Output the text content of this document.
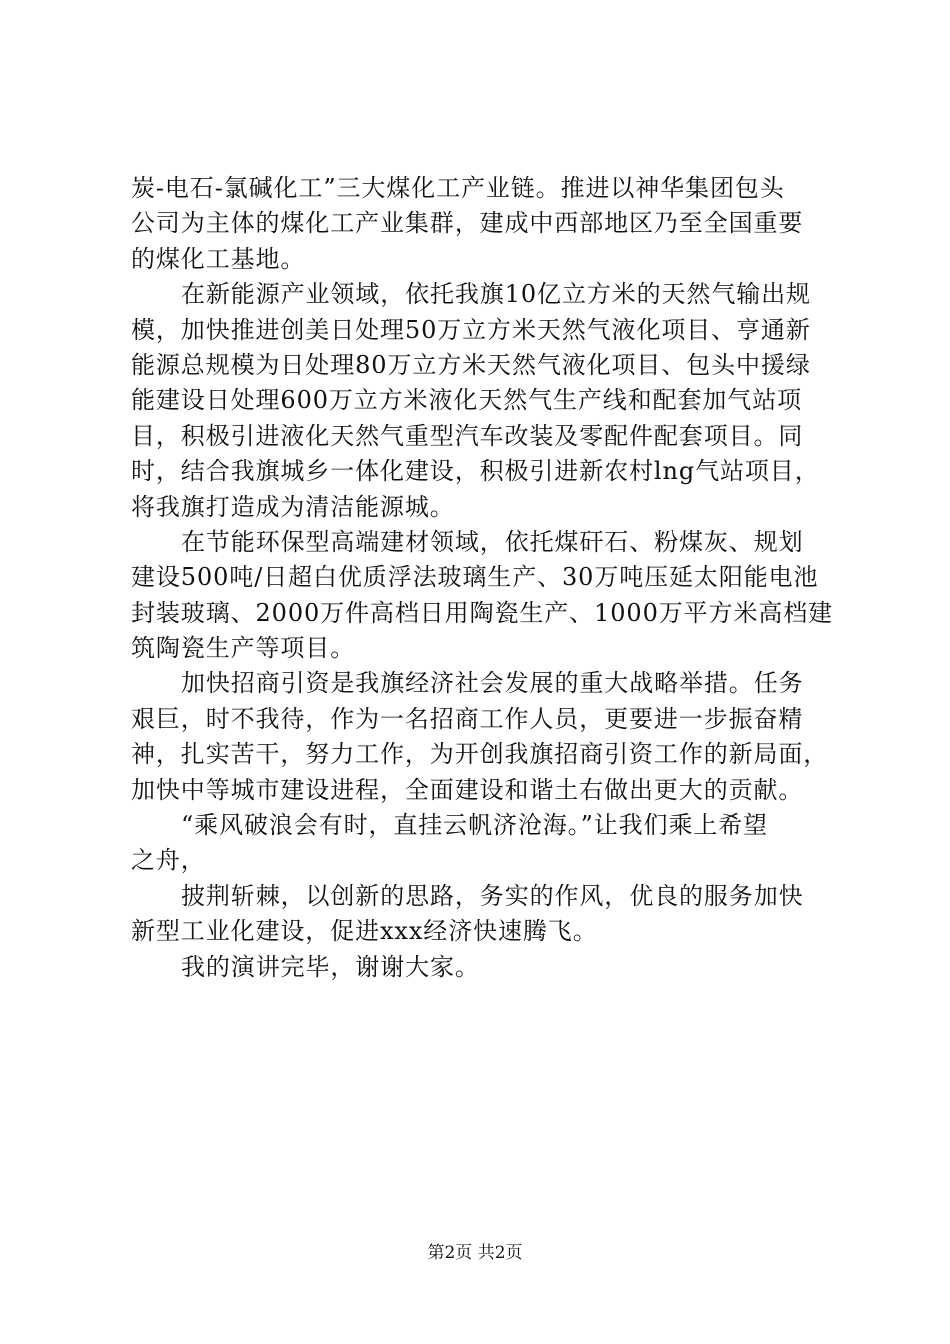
炭-电石-氯碱化工”三大煤化工产业链。推进以神华集团包头
公司为主体的煤化工产业集群，建成中西部地区乃至全国重要
的煤化工基地。
在新能源产业领域，依托我旗10亿立方米的天然气输出规
模，加快推进创美日处理50万立方米天然气液化项目、亨通新
能源总规模为日处理80万立方米天然气液化项目、包头中援绿
能建设日处理600万立方米液化天然气生产线和配套加气站项
目，积极引进液化天然气重型汽车改装及零配件配套项目。同
时，结合我旗城乡一体化建设，积极引进新农村lng气站项目，
将我旗打造成为清洁能源城。
在节能环保型高端建材领域，依托煤矸石、粉煤灰、规划
建设500吨/日超白优质浮法玻璃生产、30万吨压延太阳能电池
封装玻璃、2000万件高档日用陶瓷生产、1000万平方米高档建
筑陶瓷生产等项目。
加快招商引资是我旗经济社会发展的重大战略举措。任务
艰巨，时不我待，作为一名招商工作人员，更要进一步振奋精
神，扎实苦干，努力工作，为开创我旗招商引资工作的新局面，
加快中等城市建设进程，全面建设和谐土右做出更大的贡献。
“乘风破浪会有时，直挂云帆济沧海。”让我们乘上希望
之舟，
披荆斩棘，以创新的思路，务实的作风，优良的服务加快
新型工业化建设，促进xxx经济快速腾飞。
我的演讲完毕，谢谢大家。
第2页 共2页
